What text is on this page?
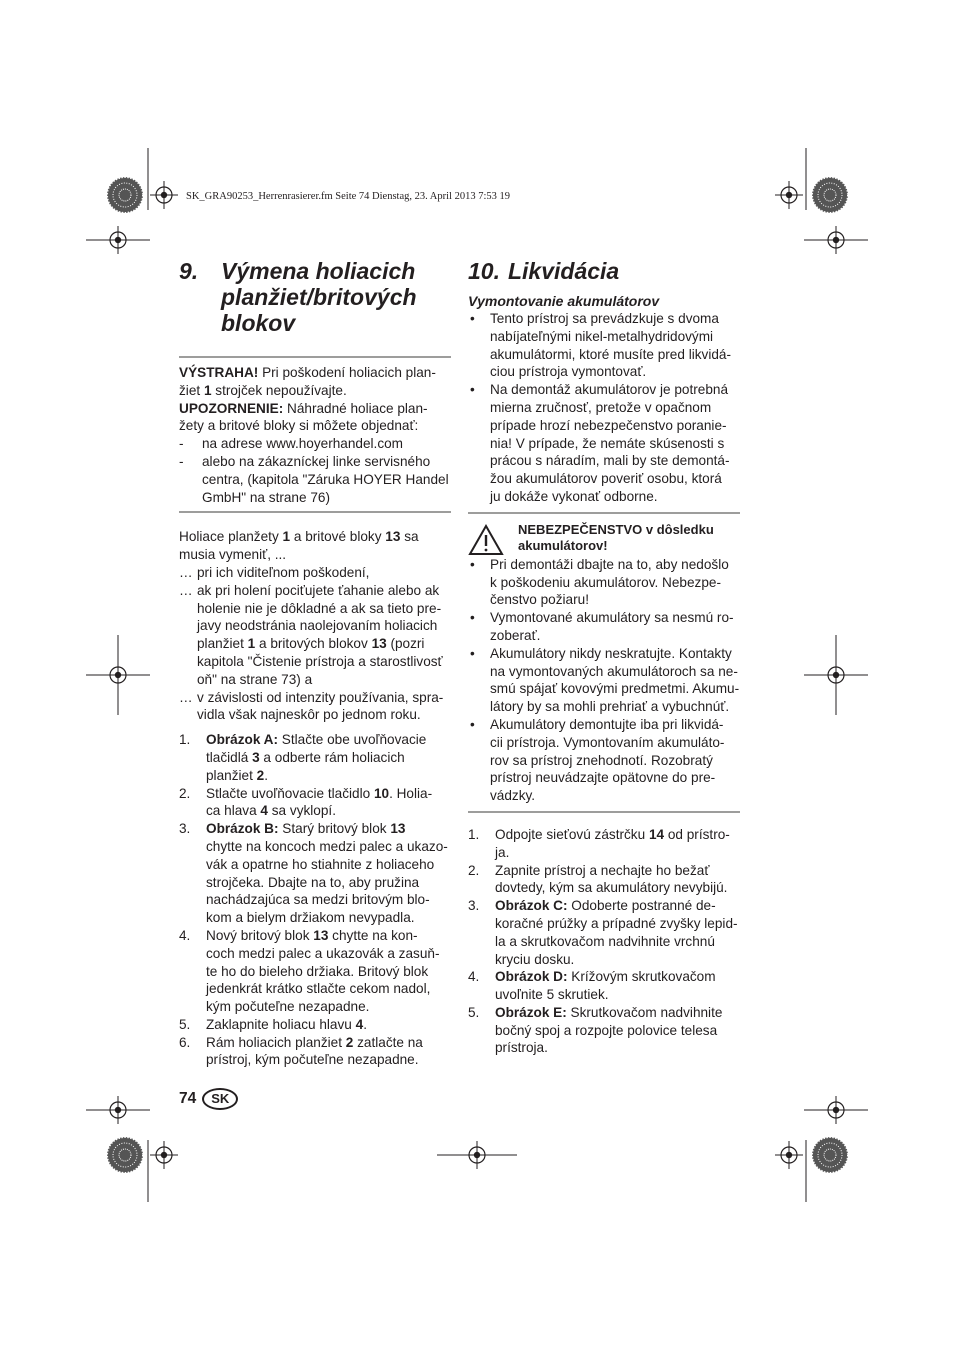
SK_GRA90253_Herrenrasierer.fm Seite 74 Dienstag, 23. April 2013 7:53 19
9. Výmena holiacich
planžiet/britových
blokov

VÝSTRAHA! Pri poškodení holiacich plan-
žiet 1 strojček nepoužívajte.

UPOZORNENIE: Náhradné holiace plan-
žety a britové bloky si môžete objednať:

- na adrese www.hoyerhandel.com
- alebo na zákazníckej linke servisného
centra, (kapitola "Záruka HOYER Handel
GmbH" na strane 76)

Holiace planžety 1 a britové bloky 13 sa
musia vymeniť, ...

… pri ich viditeľnom poškodení,
… ak pri holení pociťujete ťahanie alebo ak
holenie nie je dôkladné a ak sa tieto pre-
javy neodstránia naolejovaním holiacich
planžiet 1 a britových blokov 13 (pozri
kapitola "Čistenie prístroja a starostlivosť
oň" na strane 73) a
… v závislosti od intenzity používania, spra-
vidla však najneskôr po jednom roku.
1. Obrázok A: Stlačte obe uvoľňovacie
tlačidlá 3 a odberte rám holiacich
planžiet 2.
2. Stlačte uvoľňovacie tlačidlo 10. Holia-
ca hlava 4 sa vyklopí.
3. Obrázok B: Starý britový blok 13
chytte na koncoch medzi palec a ukazo-
vák a opatrne ho stiahnite z holiaceho
strojčeka. Dbajte na to, aby pružina
nachádzajúca sa medzi britovým blo-
kom a bielym držiakom nevypadla.
4. Nový britový blok 13 chytte na kon-
coch medzi palec a ukazovák a zasuň-
te ho do bieleho držiaka. Britový blok
jedenkrát krátko stlačte cekom nadol,
kým počuteľne nezapadne.
5. Zaklapnite holiacu hlavu 4.
6. Rám holiacich planžiet 2 zatlačte na
prístroj, kým počuteľne nezapadne.
10. Likvidácia
Vymontovanie akumulátorov
• Tento prístroj sa prevádzkuje s dvoma
nabíjateľnými nikel-metalhydridovými
akumulátormi, ktoré musíte pred likvidá-
ciou prístroja vymontovať.
• Na demontáž akumulátorov je potrebná
mierna zručnosť, pretože v opačnom
prípade hrozí nebezpečenstvo poranie-
nia! V prípade, že nemáte skúsenosti s
prácou s náradím, mali by ste demontá-
žou akumulátorov poveriť osobu, ktorá
ju dokáže vykonať odborne.
NEBEZPEČENSTVO v dôsledku
akumulátorov!
• Pri demontáži dbajte na to, aby nedošlo
k poškodeniu akumulátorov. Nebezpe-
čenstvo požiaru!
• Vymontované akumulátory sa nesmú ro-
zoberať.
• Akumulátory nikdy neskratujte. Kontakty
na vymontovaných akumulátoroch sa ne-
smú spájať kovovými predmetmi. Akumu-
látory by sa mohli prehriať a vybuchnúť.
• Akumulátory demontujte iba pri likvidá-
cii prístroja. Vymontovaním akumuláto-
rov sa prístroj znehodnotí. Rozobratý
prístroj neuvádzajte opätovne do pre-
vádzky.
1. Odpojte sieťovú zástrčku 14 od prístro-
ja.
2. Zapnite prístroj a nechajte ho bežať
dovtedy, kým sa akumulátory nevybijú.
3. Obrázok C: Odoberte postranné de-
koračné prúžky a prípadné zvyšky lepid-
la a skrutkovačom nadvihnite vrchnú
kryciu dosku.
4. Obrázok D: Krížovým skrutkovačom
uvoľnite 5 skrutiek.
5. Obrázok E: Skrutkovačom nadvihnite
bočný spoj a rozpojte polovice telesa
prístroja.
74	SK
